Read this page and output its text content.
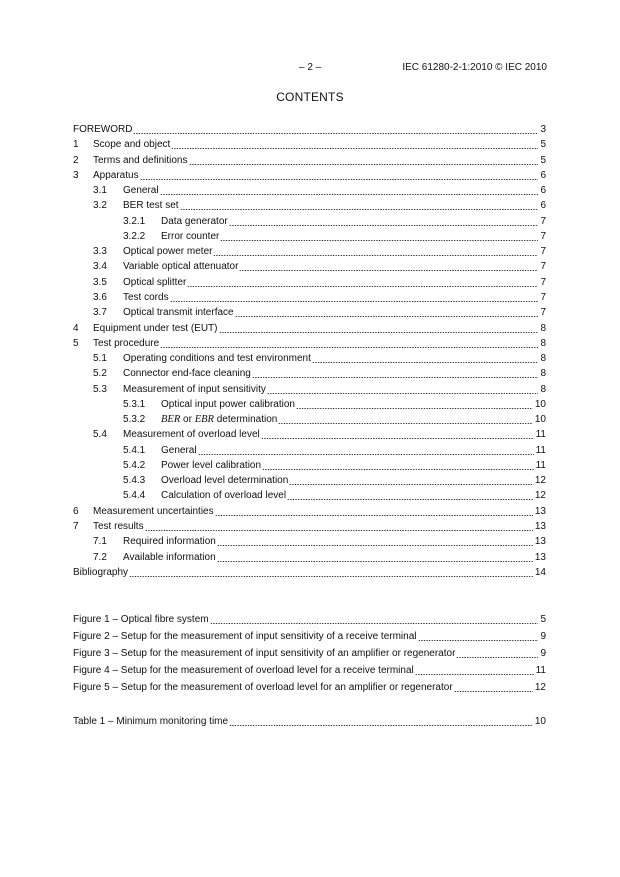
– 2 –	IEC 61280-2-1:2010 © IEC 2010
CONTENTS
FOREWORD	3
1	Scope and object	5
2	Terms and definitions	5
3	Apparatus	6
3.1	General	6
3.2	BER test set	6
3.2.1	Data generator	7
3.2.2	Error counter	7
3.3	Optical power meter	7
3.4	Variable optical attenuator	7
3.5	Optical splitter	7
3.6	Test cords	7
3.7	Optical transmit interface	7
4	Equipment under test (EUT)	8
5	Test procedure	8
5.1	Operating conditions and test environment	8
5.2	Connector end-face cleaning	8
5.3	Measurement of input sensitivity	8
5.3.1	Optical input power calibration	10
5.3.2	BER or EBR determination	10
5.4	Measurement of overload level	11
5.4.1	General	11
5.4.2	Power level calibration	11
5.4.3	Overload level determination	12
5.4.4	Calculation of overload level	12
6	Measurement uncertainties	13
7	Test results	13
7.1	Required information	13
7.2	Available information	13
Bibliography	14
Figure 1 – Optical fibre system	5
Figure 2 – Setup for the measurement of input sensitivity of a receive terminal	9
Figure 3 – Setup for the measurement of input sensitivity of an amplifier or regenerator	9
Figure 4 – Setup for the measurement of overload level for a receive terminal	11
Figure 5 – Setup for the measurement of overload level for an amplifier or regenerator	12
Table 1 – Minimum monitoring time	10
